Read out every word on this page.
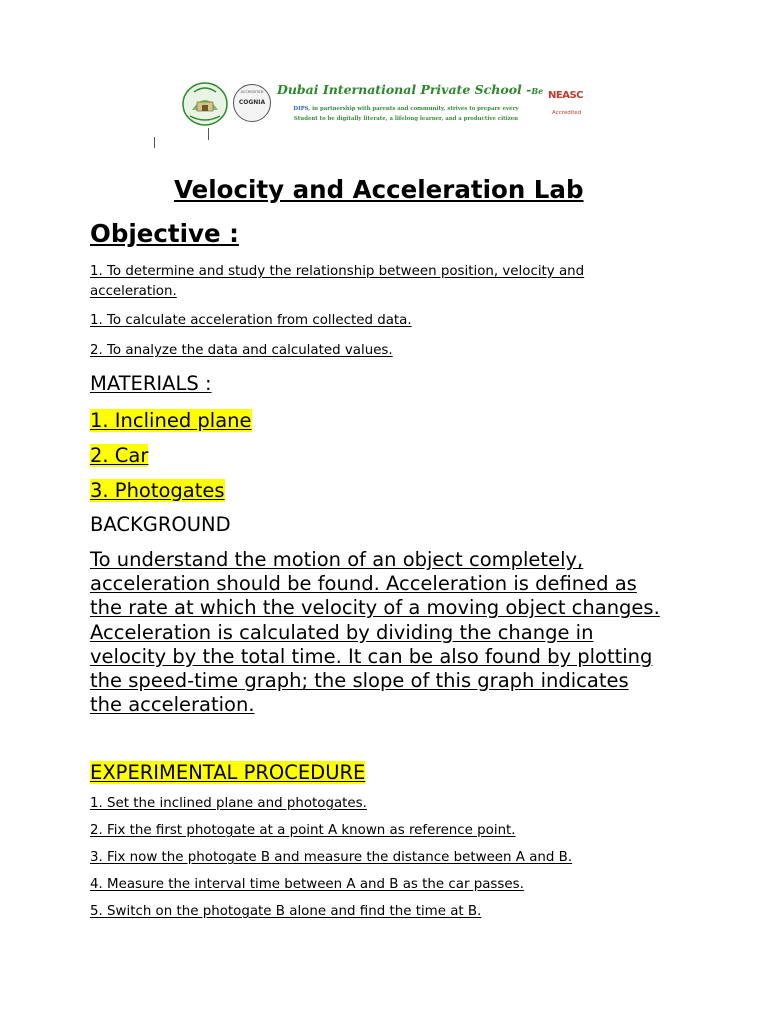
ACCREDITED
COGNIA
Dubai International Private School -Be
DIPS, in partnership with parents and community, strives to prepare every
Student to be digitally literate, a lifelong learner, and a productive citizen
NEASC
Accredited
Velocity and Acceleration Lab
Objective :
1. To determine and study the relationship between position, velocity and
acceleration.
1. To calculate acceleration from collected data.
2. To analyze the data and calculated values.
MATERIALS :
1. Inclined plane
2. Car
3. Photogates
BACKGROUND
To understand the motion of an object completely,
acceleration should be found. Acceleration is defined as
the rate at which the velocity of a moving object changes.
Acceleration is calculated by dividing the change in
velocity by the total time. It can be also found by plotting
the speed-time graph; the slope of this graph indicates
the acceleration.
EXPERIMENTAL PROCEDURE
1. Set the inclined plane and photogates.
2. Fix the first photogate at a point A known as reference point.
3. Fix now the photogate B and measure the distance between A and B.
4. Measure the interval time between A and B as the car passes.
5. Switch on the photogate B alone and find the time at B.
